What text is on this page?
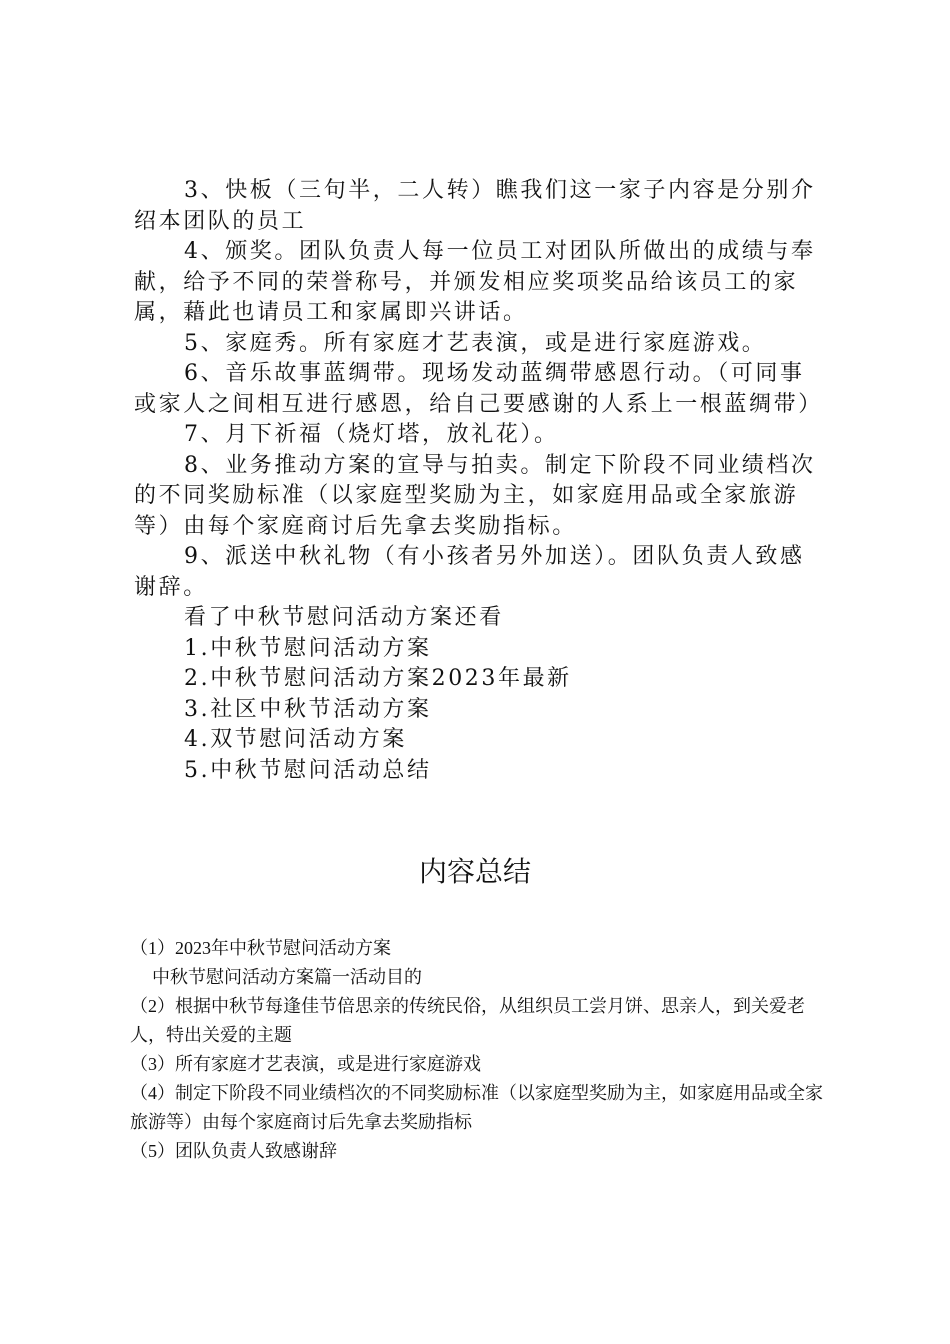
3、快板（三句半，二人转）瞧我们这一家子内容是分别介绍本团队的员工

4、颁奖。团队负责人每一位员工对团队所做出的成绩与奉献，给予不同的荣誉称号，并颁发相应奖项奖品给该员工的家属，藉此也请员工和家属即兴讲话。

5、家庭秀。所有家庭才艺表演，或是进行家庭游戏。

6、音乐故事蓝绸带。现场发动蓝绸带感恩行动。（可同事或家人之间相互进行感恩，给自己要感谢的人系上一根蓝绸带）

7、月下祈福（烧灯塔，放礼花）。

8、业务推动方案的宣导与拍卖。制定下阶段不同业绩档次的不同奖励标准（以家庭型奖励为主，如家庭用品或全家旅游等）由每个家庭商讨后先拿去奖励指标。

9、派送中秋礼物（有小孩者另外加送）。团队负责人致感谢辞。

看了中秋节慰问活动方案还看
1.中秋节慰问活动方案
2.中秋节慰问活动方案2023年最新
3.社区中秋节活动方案
4.双节慰问活动方案
5.中秋节慰问活动总结
内容总结

（1）2023年中秋节慰问活动方案

中秋节慰问活动方案篇一活动目的

（2）根据中秋节每逢佳节倍思亲的传统民俗，从组织员工尝月饼、思亲人，到关爱老人，特出关爱的主题

（3）所有家庭才艺表演，或是进行家庭游戏

（4）制定下阶段不同业绩档次的不同奖励标准（以家庭型奖励为主，如家庭用品或全家旅游等）由每个家庭商讨后先拿去奖励指标

（5）团队负责人致感谢辞
